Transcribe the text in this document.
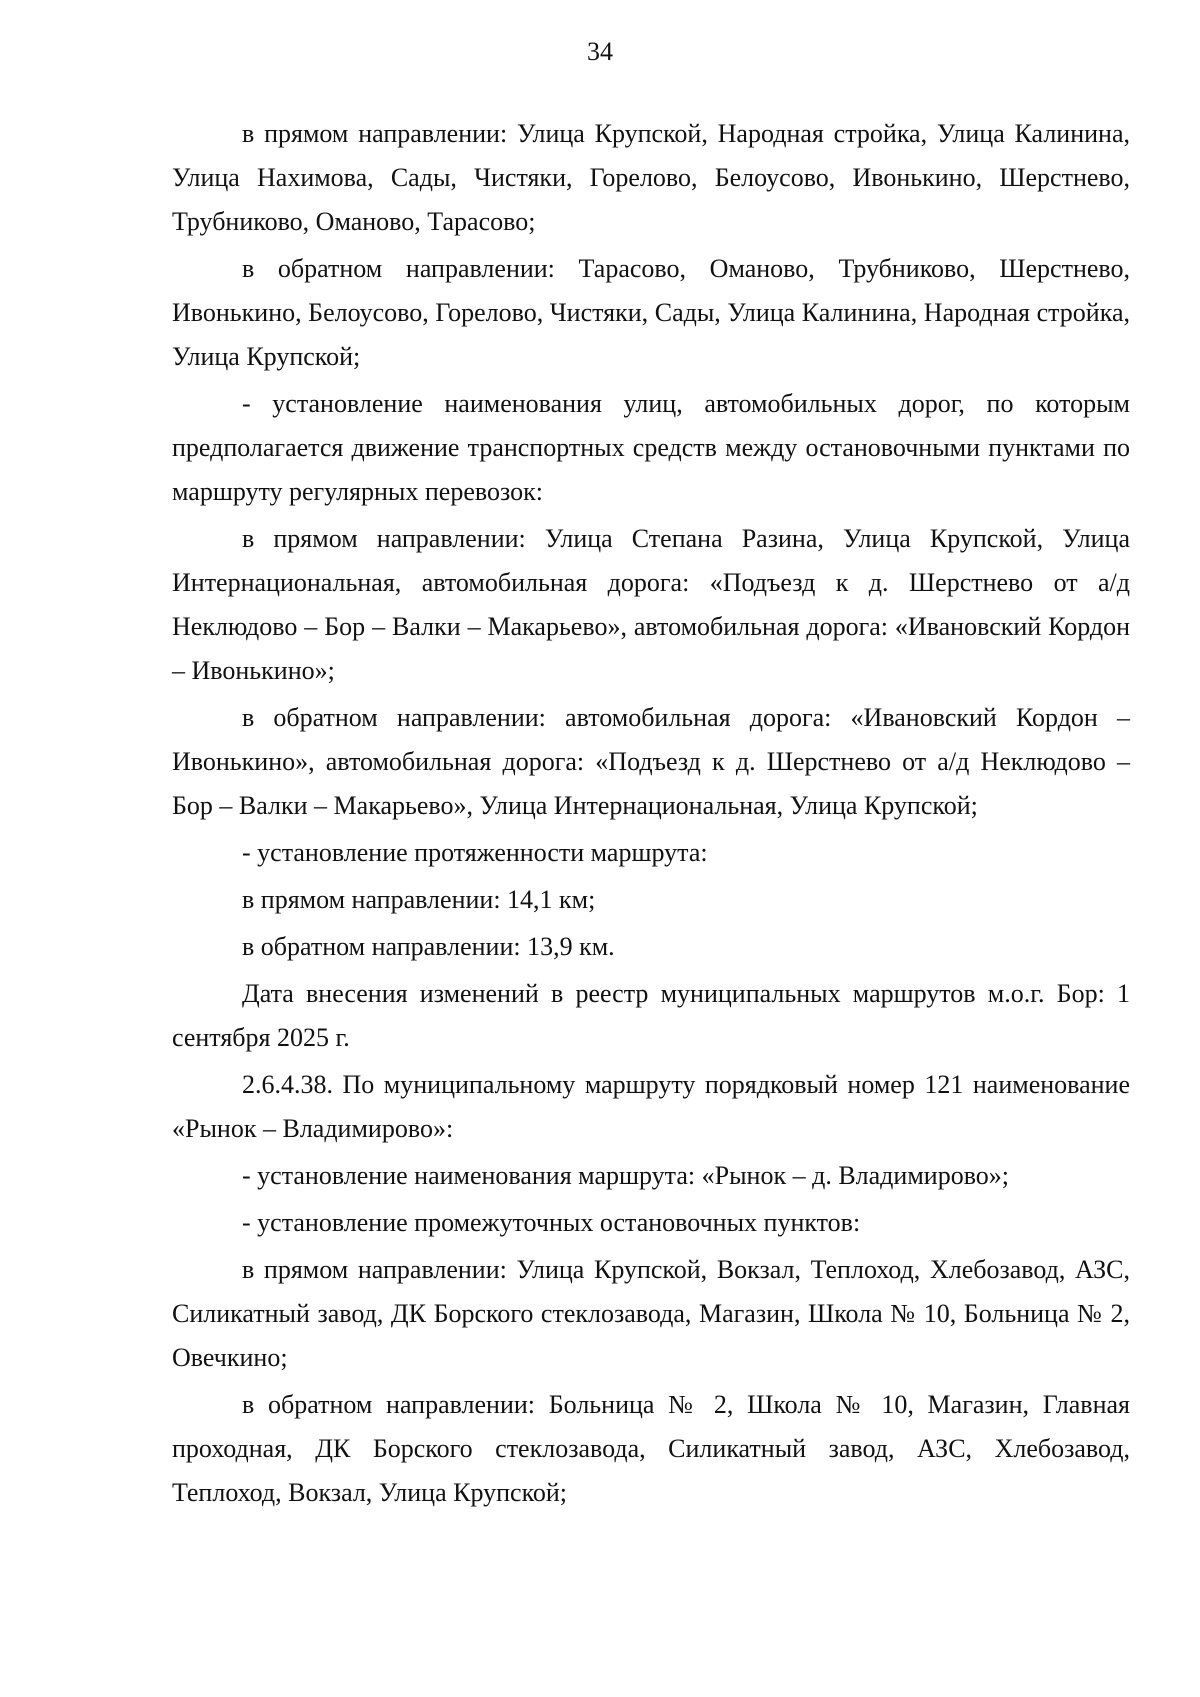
34

в прямом направлении: Улица Крупской, Народная стройка, Улица Калинина, Улица Нахимова, Сады, Чистяки, Горелово, Белоусово, Ивонькино, Шерстнево, Трубниково, Оманово, Тарасово;

в обратном направлении: Тарасово, Оманово, Трубниково, Шерстнево, Ивонькино, Белоусово, Горелово, Чистяки, Сады, Улица Калинина, Народная стройка, Улица Крупской;

- установление наименования улиц, автомобильных дорог, по которым предполагается движение транспортных средств между остановочными пунктами по маршруту регулярных перевозок:

в прямом направлении: Улица Степана Разина, Улица Крупской, Улица Интернациональная, автомобильная дорога: «Подъезд к д. Шерстнево от а/д Неклюдово – Бор – Валки – Макарьево», автомобильная дорога: «Ивановский Кордон – Ивонькино»;

в обратном направлении: автомобильная дорога: «Ивановский Кордон – Ивонькино», автомобильная дорога: «Подъезд к д. Шерстнево от а/д Неклюдово – Бор – Валки – Макарьево», Улица Интернациональная, Улица Крупской;

- установление протяженности маршрута:

в прямом направлении: 14,1 км;

в обратном направлении: 13,9 км.

Дата внесения изменений в реестр муниципальных маршрутов м.о.г. Бор: 1 сентября 2025 г.

2.6.4.38. По муниципальному маршруту порядковый номер 121 наименование «Рынок – Владимирово»:

- установление наименования маршрута: «Рынок – д. Владимирово»;

- установление промежуточных остановочных пунктов:

в прямом направлении: Улица Крупской, Вокзал, Теплоход, Хлебозавод, АЗС, Силикатный завод, ДК Борского стеклозавода, Магазин, Школа № 10, Больница № 2, Овечкино;

в обратном направлении: Больница № 2, Школа № 10, Магазин, Главная проходная, ДК Борского стеклозавода, Силикатный завод, АЗС, Хлебозавод, Теплоход, Вокзал, Улица Крупской;
